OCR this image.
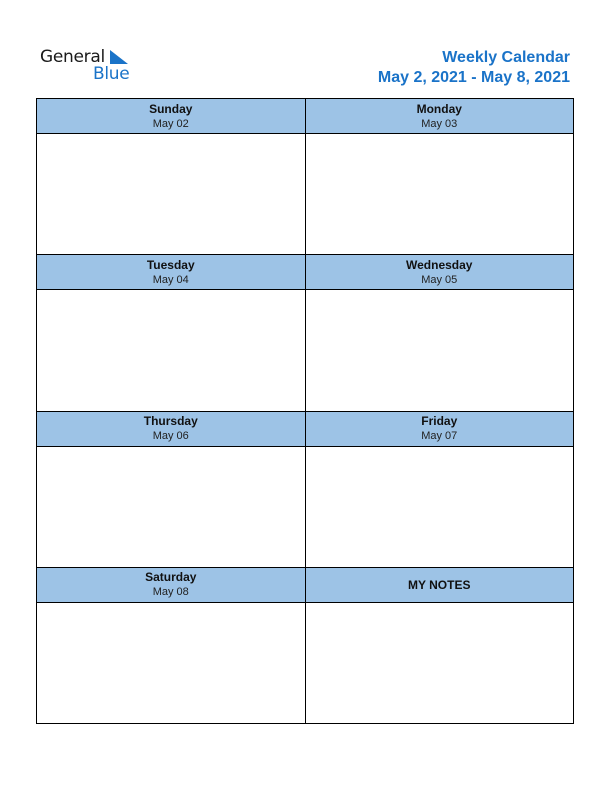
General
Blue
Weekly Calendar
May 2, 2021 - May 8, 2021
Sunday
May 02
Monday
May 03
Tuesday
May 04
Wednesday
May 05
Thursday
May 06
Friday
May 07
Saturday
May 08
MY NOTES
